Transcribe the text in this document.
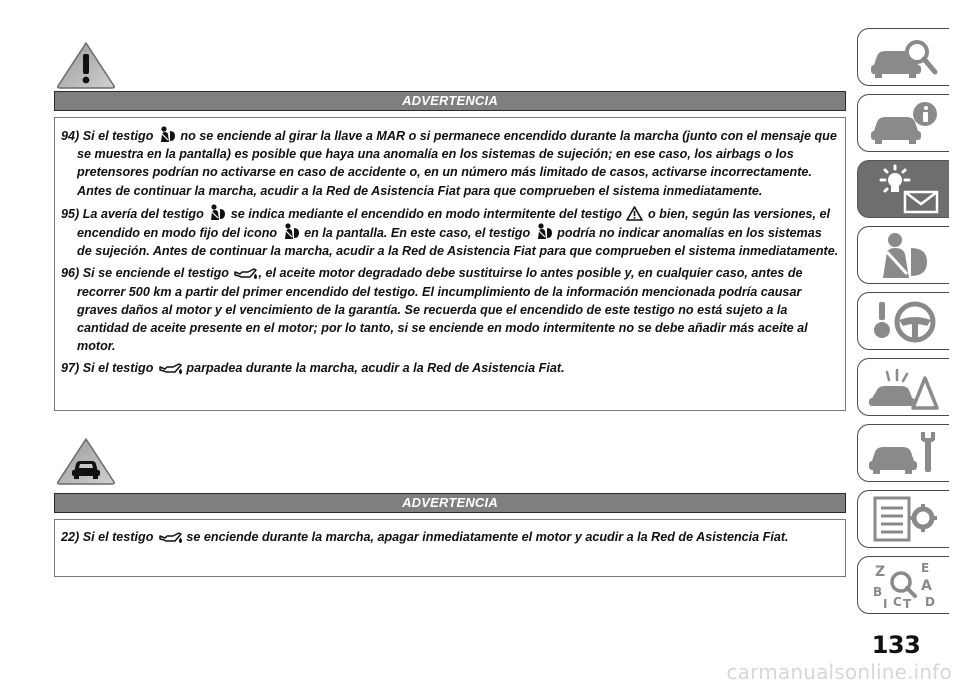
ADVERTENCIA
94) Si el testigo
no se enciende al girar la llave a MAR o si permanece encendido durante la marcha (junto con el mensaje que se muestra en la pantalla) es posible que haya una anomalía en los sistemas de sujeción; en ese caso, los airbags o los pretensores podrían no activarse en caso de accidente o, en un número más limitado de casos, activarse incorrectamente. Antes de continuar la marcha, acudir a la Red de Asistencia Fiat para que comprueben el sistema inmediatamente.
95) La avería del testigo
se indica mediante el encendido en modo intermitente del testigo
o bien, según las versiones, el encendido en modo fijo del icono
en la pantalla. En este caso, el testigo
podría no indicar anomalías en los sistemas de sujeción. Antes de continuar la marcha, acudir a la Red de Asistencia Fiat para que comprueben el sistema inmediatamente.
96) Si se enciende el testigo
, el aceite motor degradado debe sustituirse lo antes posible y, en cualquier caso, antes de recorrer 500 km a partir del primer encendido del testigo. El incumplimiento de la información mencionada podría causar graves daños al motor y el vencimiento de la garantía. Se recuerda que el encendido de este testigo no está sujeto a la cantidad de aceite presente en el motor; por lo tanto, si se enciende en modo intermitente no se debe añadir más aceite al motor.
97) Si el testigo
parpadea durante la marcha, acudir a la Red de Asistencia Fiat.
ADVERTENCIA
22) Si el testigo
se enciende durante la marcha, apagar inmediatamente el motor y acudir a la Red de Asistencia Fiat.
Z	E
B	A
C T D
I
133
carmanualsonline.info
